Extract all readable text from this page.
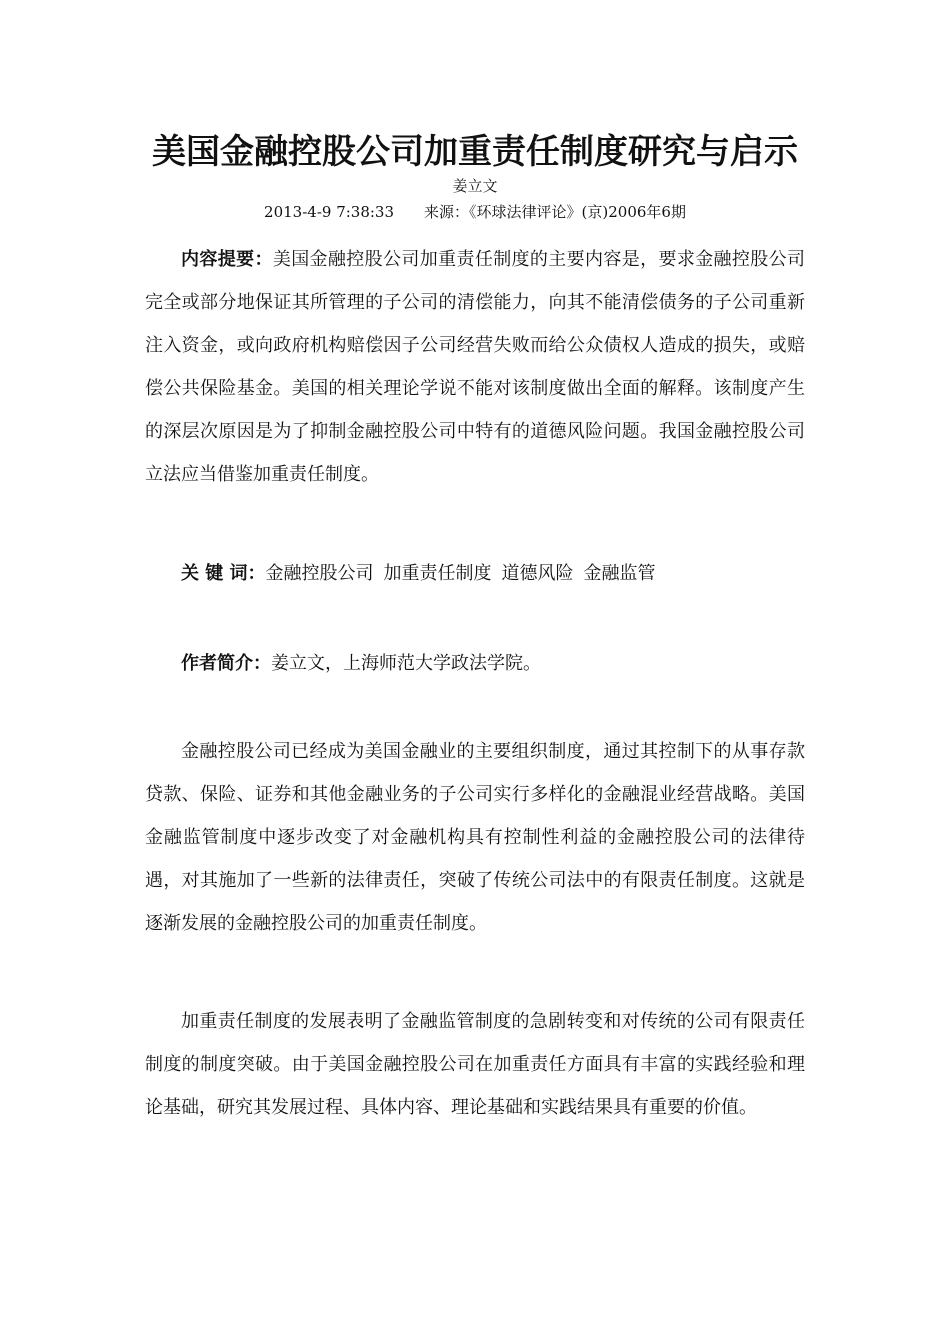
美国金融控股公司加重责任制度研究与启示
姜立文
2013-4-9 7:38:33 来源：《环球法律评论》(京)2006年6期
内容提要：美国金融控股公司加重责任制度的主要内容是，要求金融控股公司完全或部分地保证其所管理的子公司的清偿能力，向其不能清偿债务的子公司重新注入资金，或向政府机构赔偿因子公司经营失败而给公众债权人造成的损失，或赔偿公共保险基金。美国的相关理论学说不能对该制度做出全面的解释。该制度产生的深层次原因是为了抑制金融控股公司中特有的道德风险问题。我国金融控股公司立法应当借鉴加重责任制度。
关 键 词：金融控股公司 加重责任制度 道德风险 金融监管
作者简介：姜立文，上海师范大学政法学院。
金融控股公司已经成为美国金融业的主要组织制度，通过其控制下的从事存款贷款、保险、证券和其他金融业务的子公司实行多样化的金融混业经营战略。美国金融监管制度中逐步改变了对金融机构具有控制性利益的金融控股公司的法律待遇，对其施加了一些新的法律责任，突破了传统公司法中的有限责任制度。这就是逐渐发展的金融控股公司的加重责任制度。
加重责任制度的发展表明了金融监管制度的急剧转变和对传统的公司有限责任制度的制度突破。由于美国金融控股公司在加重责任方面具有丰富的实践经验和理论基础，研究其发展过程、具体内容、理论基础和实践结果具有重要的价值。
